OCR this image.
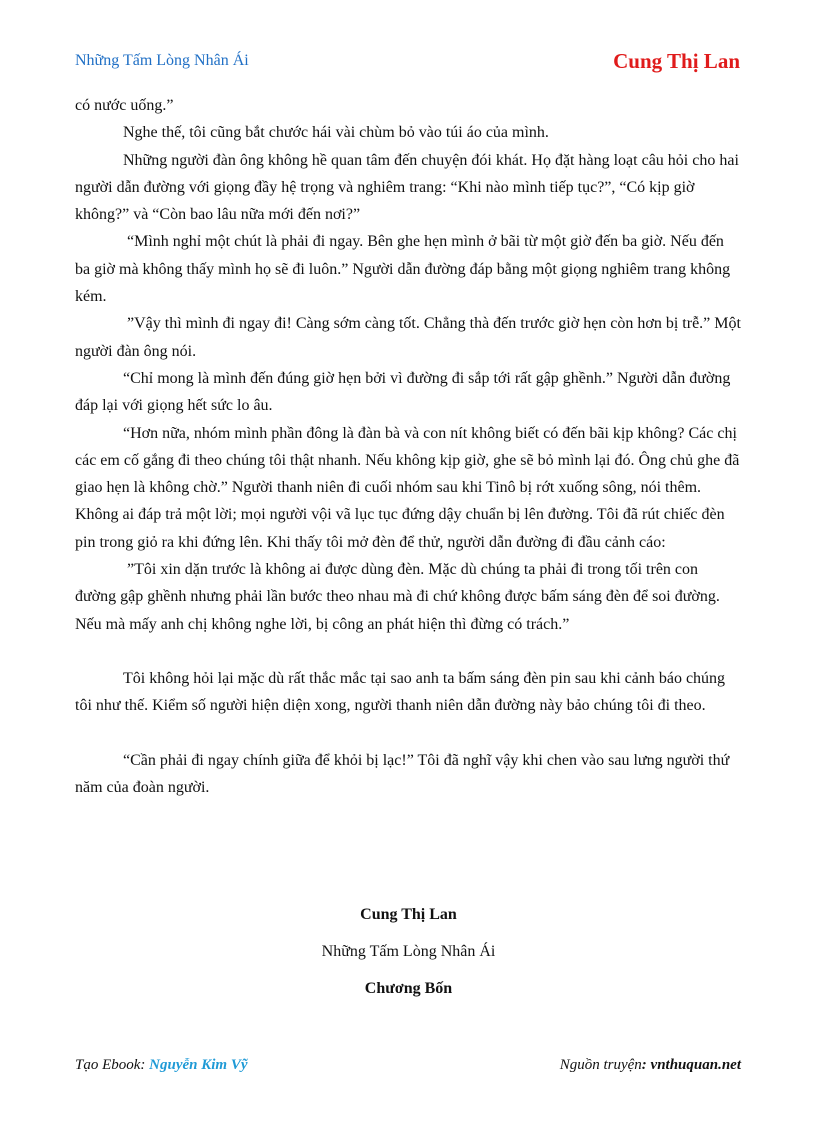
Những Tấm Lòng Nhân Ái	Cung Thị Lan

có nước uống.”

Nghe thế, tôi cũng bắt chước hái vài chùm bỏ vào túi áo của mình.

Những người đàn ông không hề quan tâm đến chuyện đói khát. Họ đặt hàng loạt câu hỏi cho hai người dẫn đường với giọng đầy hệ trọng và nghiêm trang: “Khi nào mình tiếp tục?”, “Có kịp giờ không?” và “Còn bao lâu nữa mới đến nơi?”

“Mình nghỉ một chút là phải đi ngay. Bên ghe hẹn mình ở bãi từ một giờ đến ba giờ. Nếu đến ba giờ mà không thấy mình họ sẽ đi luôn.” Người dẫn đường đáp bằng một giọng nghiêm trang không kém.

”Vậy thì mình đi ngay đi! Càng sớm càng tốt. Chẳng thà đến trước giờ hẹn còn hơn bị trễ.” Một người đàn ông nói.

“Chỉ mong là mình đến đúng giờ hẹn bởi vì đường đi sắp tới rất gập ghềnh.” Người dẫn đường đáp lại với giọng hết sức lo âu.

“Hơn nữa, nhóm mình phần đông là đàn bà và con nít không biết có đến bãi kịp không? Các chị các em cố gắng đi theo chúng tôi thật nhanh. Nếu không kịp giờ, ghe sẽ bỏ mình lại đó. Ông chủ ghe đã giao hẹn là không chờ.” Người thanh niên đi cuối nhóm sau khi Tinô bị rớt xuống sông, nói thêm.

Không ai đáp trả một lời; mọi người vội vã lục tục đứng dậy chuẩn bị lên đường. Tôi đã rút chiếc đèn pin trong giỏ ra khi đứng lên. Khi thấy tôi mở đèn để thử, người dẫn đường đi đầu cảnh cáo:

”Tôi xin dặn trước là không ai được dùng đèn. Mặc dù chúng ta phải đi trong tối trên con đường gập ghềnh nhưng phải lần bước theo nhau mà đi chứ không được bấm sáng đèn để soi đường. Nếu mà mấy anh chị không nghe lời, bị công an phát hiện thì đừng có trách.”

Tôi không hỏi lại mặc dù rất thắc mắc tại sao anh ta bấm sáng đèn pin sau khi cảnh báo chúng tôi như thế. Kiểm số người hiện diện xong, người thanh niên dẫn đường này bảo chúng tôi đi theo.

“Cần phải đi ngay chính giữa để khỏi bị lạc!” Tôi đã nghĩ vậy khi chen vào sau lưng người thứ năm của đoàn người.

Cung Thị Lan
Những Tấm Lòng Nhân Ái
Chương Bốn
Tạo Ebook: Nguyễn Kim Vỹ	Nguồn truyện: vnthuquan.net
